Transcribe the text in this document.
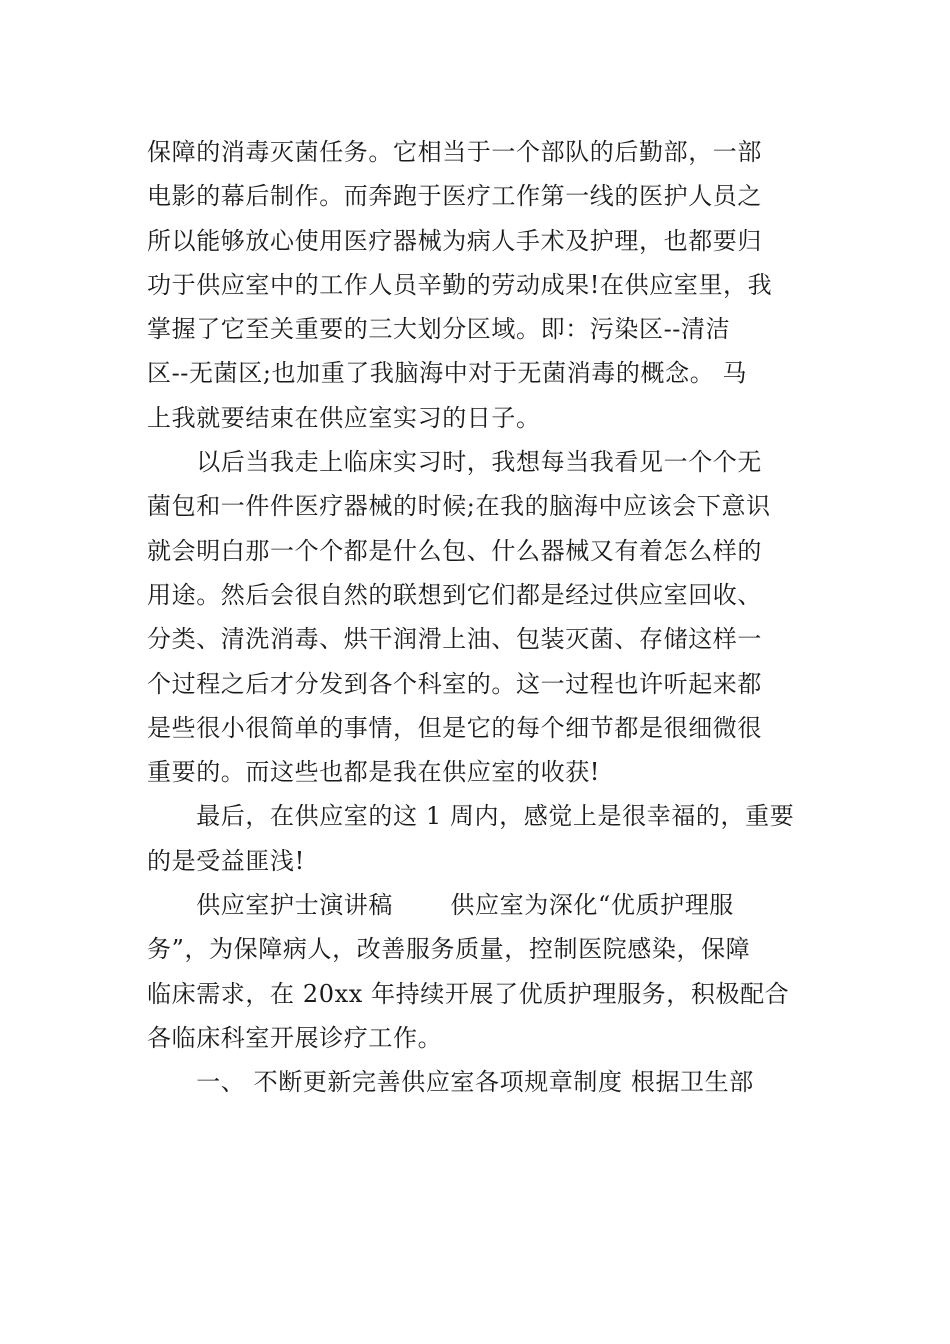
保障的消毒灭菌任务。它相当于一个部队的后勤部，一部
电影的幕后制作。而奔跑于医疗工作第一线的医护人员之
所以能够放心使用医疗器械为病人手术及护理，也都要归
功于供应室中的工作人员辛勤的劳动成果!在供应室里，我
掌握了它至关重要的三大划分区域。即：污染区--清洁
区--无菌区;也加重了我脑海中对于无菌消毒的概念。 马
上我就要结束在供应室实习的日子。
　　以后当我走上临床实习时，我想每当我看见一个个无
菌包和一件件医疗器械的时候;在我的脑海中应该会下意识
就会明白那一个个都是什么包、什么器械又有着怎么样的
用途。然后会很自然的联想到它们都是经过供应室回收、
分类、清洗消毒、烘干润滑上油、包装灭菌、存储这样一
个过程之后才分发到各个科室的。这一过程也许听起来都
是些很小很简单的事情，但是它的每个细节都是很细微很
重要的。而这些也都是我在供应室的收获!
　　最后，在供应室的这 1 周内，感觉上是很幸福的，重要
的是受益匪浅!
　　供应室护士演讲稿 　　供应室为深化“优质护理服
务”，为保障病人，改善服务质量，控制医院感染，保障
临床需求，在 20xx 年持续开展了优质护理服务，积极配合
各临床科室开展诊疗工作。
　　一、 不断更新完善供应室各项规章制度 根据卫生部
